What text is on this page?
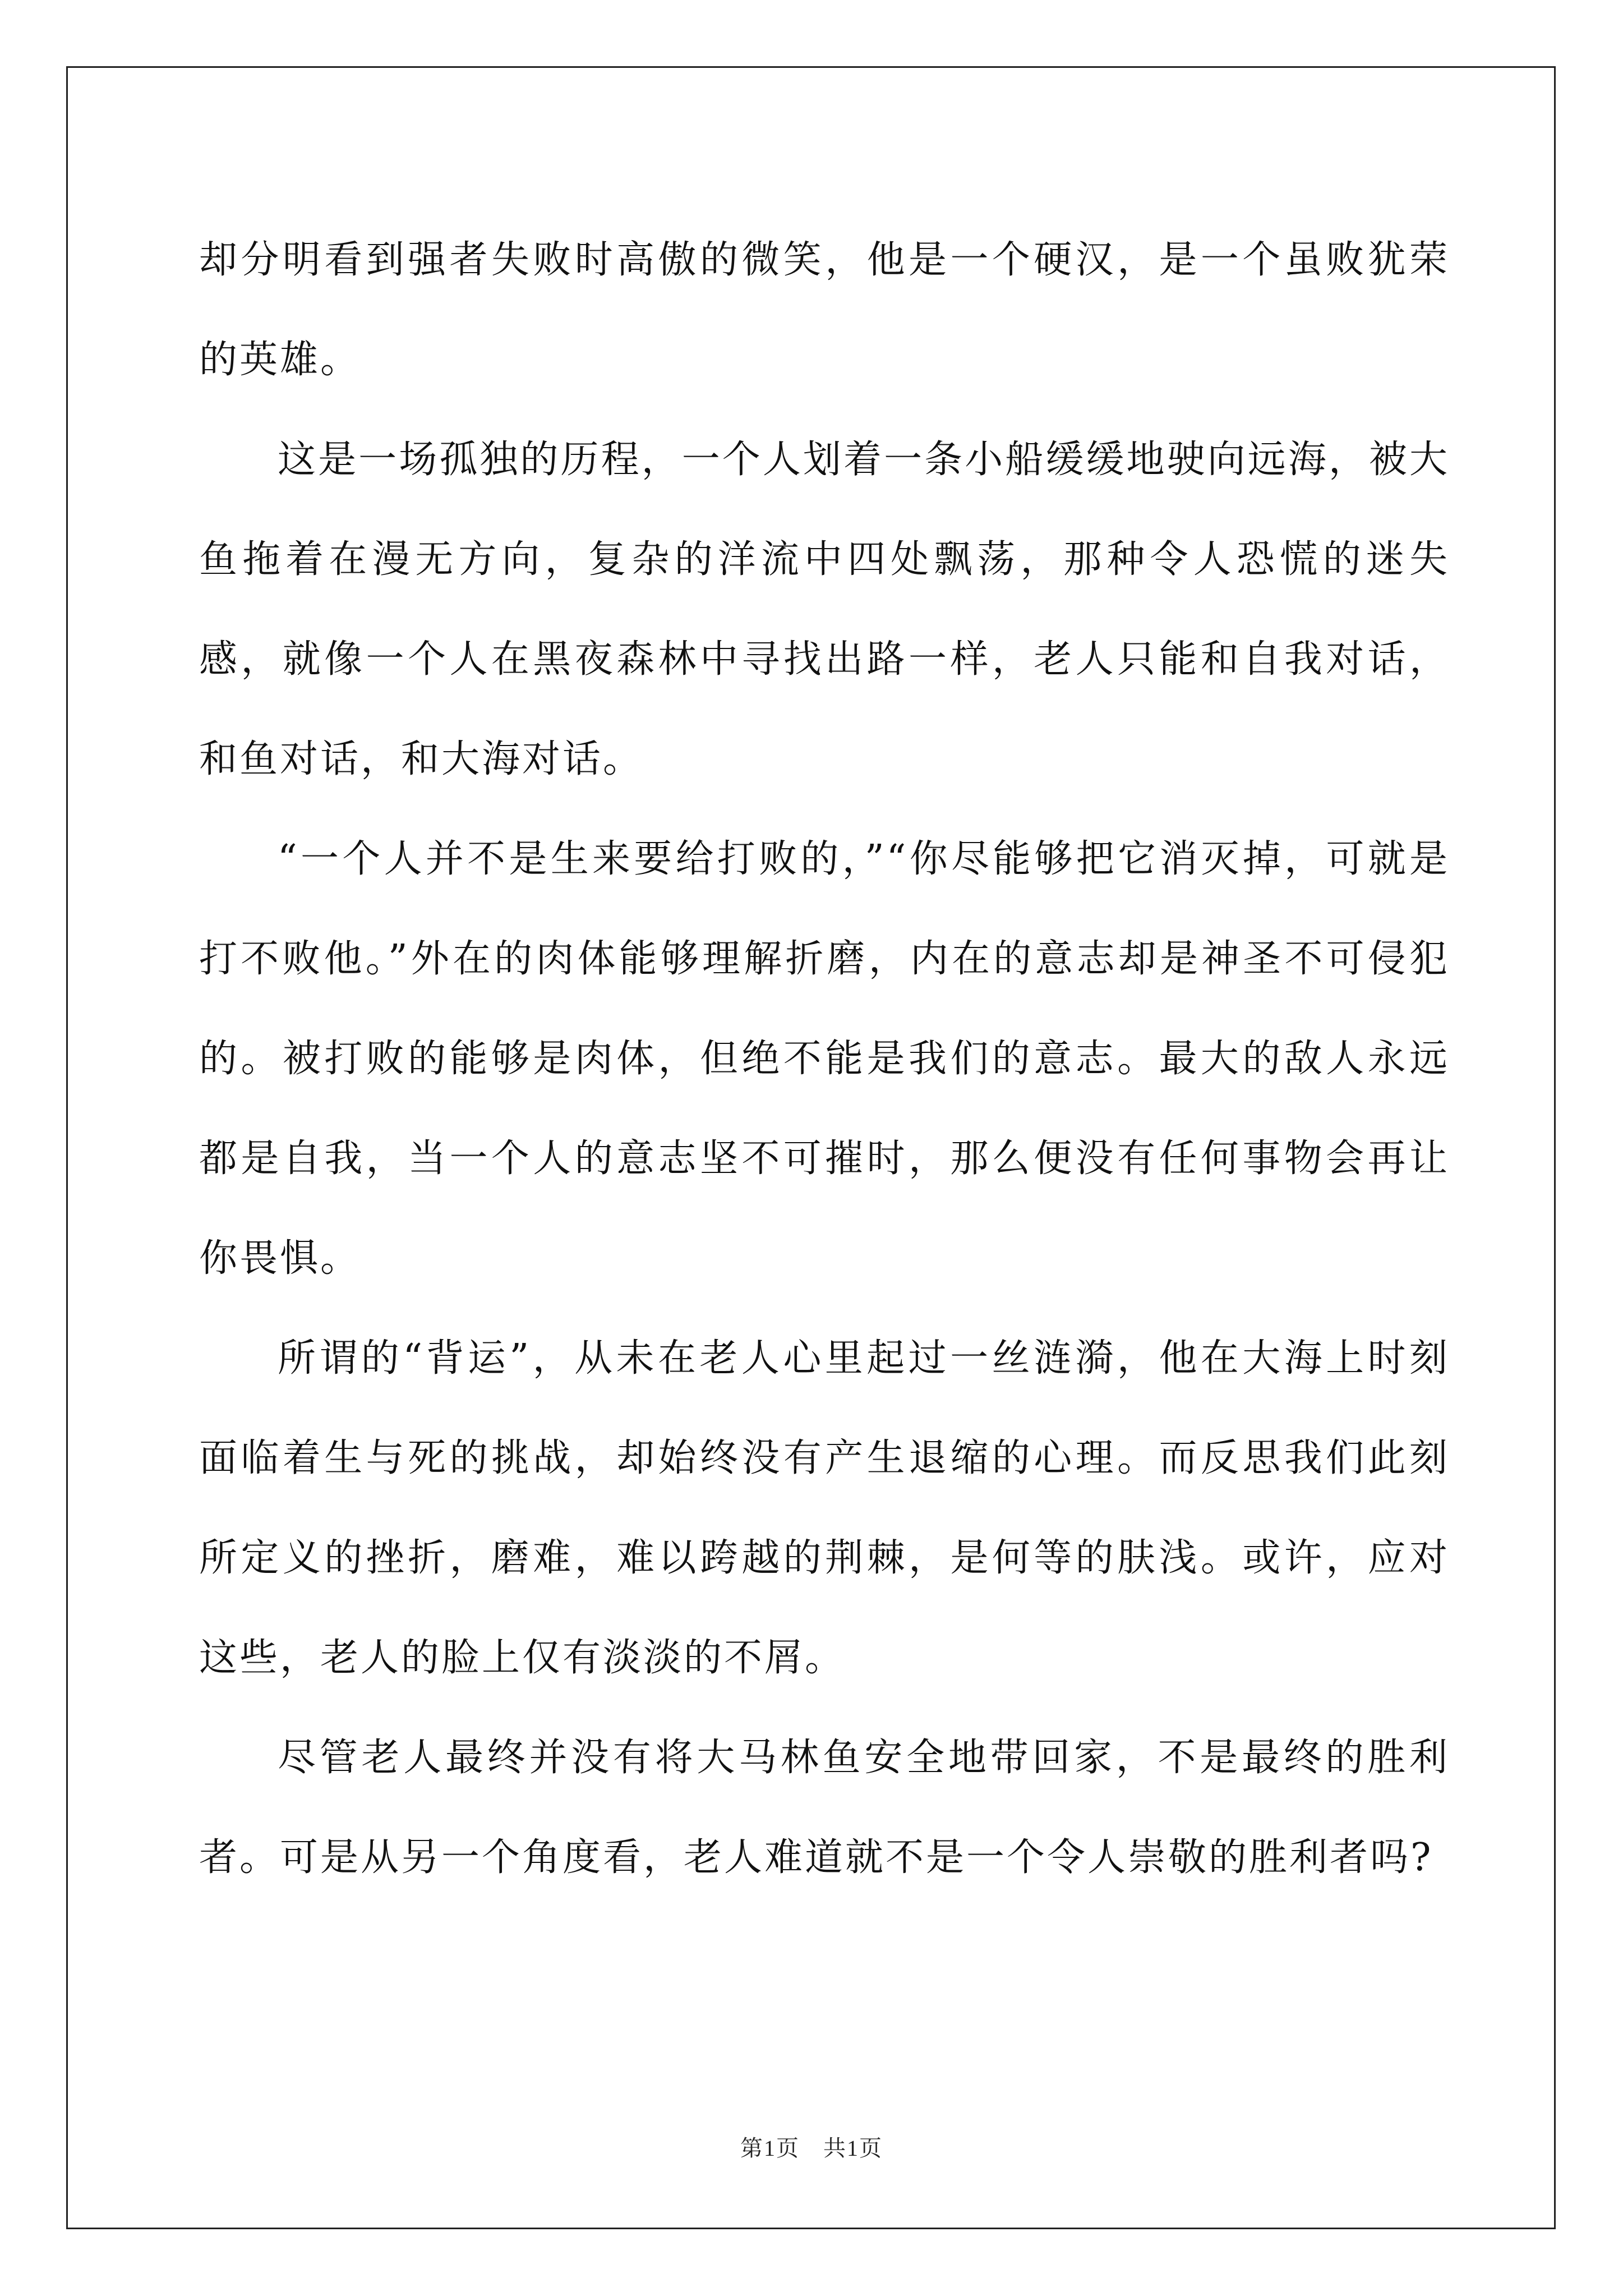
却分明看到强者失败时高傲的微笑，他是一个硬汉，是一个虽败犹荣的英雄。

这是一场孤独的历程，一个人划着一条小船缓缓地驶向远海，被大鱼拖着在漫无方向，复杂的洋流中四处飘荡，那种令人恐慌的迷失感，就像一个人在黑夜森林中寻找出路一样，老人只能和自我对话，和鱼对话，和大海对话。

“一个人并不是生来要给打败的，”“你尽能够把它消灭掉，可就是打不败他。”外在的肉体能够理解折磨，内在的意志却是神圣不可侵犯的。被打败的能够是肉体，但绝不能是我们的意志。最大的敌人永远都是自我，当一个人的意志坚不可摧时，那么便没有任何事物会再让你畏惧。

所谓的“背运”，从未在老人心里起过一丝涟漪，他在大海上时刻面临着生与死的挑战，却始终没有产生退缩的心理。而反思我们此刻所定义的挫折，磨难，难以跨越的荆棘，是何等的肤浅。或许，应对这些，老人的脸上仅有淡淡的不屑。

尽管老人最终并没有将大马林鱼安全地带回家，不是最终的胜利者。可是从另一个角度看，老人难道就不是一个令人崇敬的胜利者吗?

第1页　共1页
